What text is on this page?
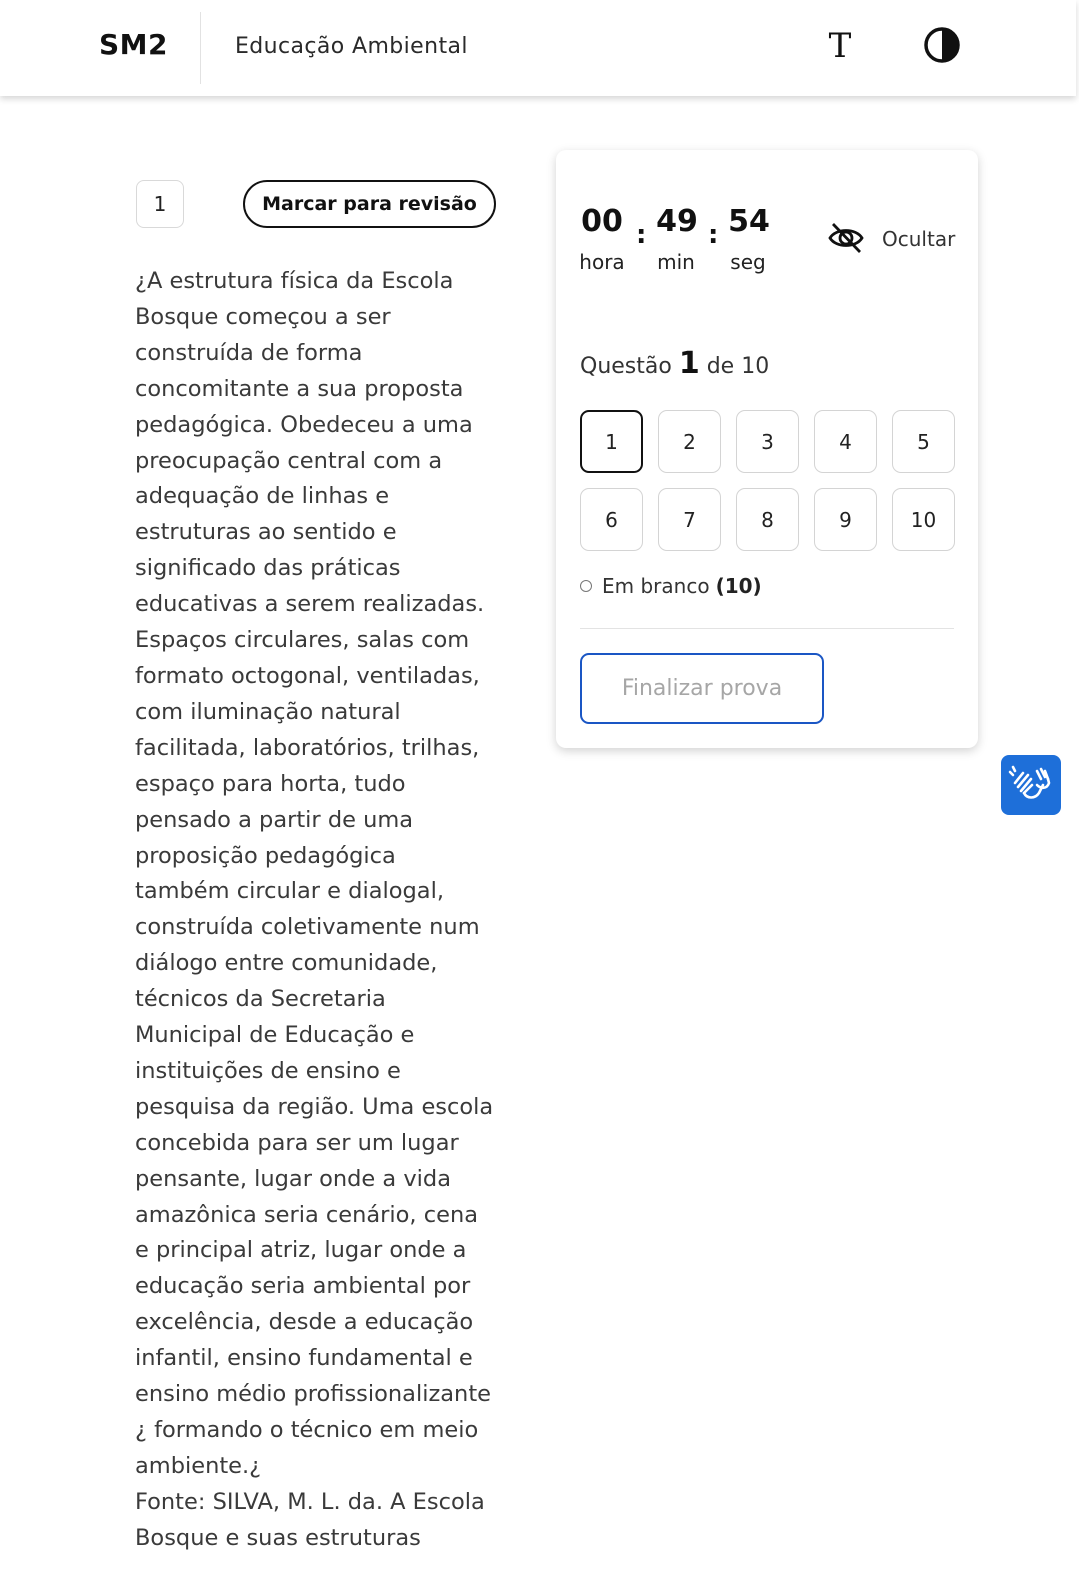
SM2	Educação Ambiental	T
1	Marcar para revisão
¿A estrutura física da Escola
Bosque começou a ser
construída de forma
concomitante a sua proposta
pedagógica. Obedeceu a uma
preocupação central com a
adequação de linhas e
estruturas ao sentido e
significado das práticas
educativas a serem realizadas.
Espaços circulares, salas com
formato octogonal, ventiladas,
com iluminação natural
facilitada, laboratórios, trilhas,
espaço para horta, tudo
pensado a partir de uma
proposição pedagógica
também circular e dialogal,
construída coletivamente num
diálogo entre comunidade,
técnicos da Secretaria
Municipal de Educação e
instituições de ensino e
pesquisa da região. Uma escola
concebida para ser um lugar
pensante, lugar onde a vida
amazônica seria cenário, cena
e principal atriz, lugar onde a
educação seria ambiental por
excelência, desde a educação
infantil, ensino fundamental e
ensino médio profissionalizante
¿ formando o técnico em meio
ambiente.¿
Fonte: SILVA, M. L. da. A Escola
Bosque e suas estruturas
00 : 49 : 54
hora	min	seg
Ocultar
Questão 1 de 10
1	2	3	4	5
6	7	8	9	10
Em branco (10)
Finalizar prova
